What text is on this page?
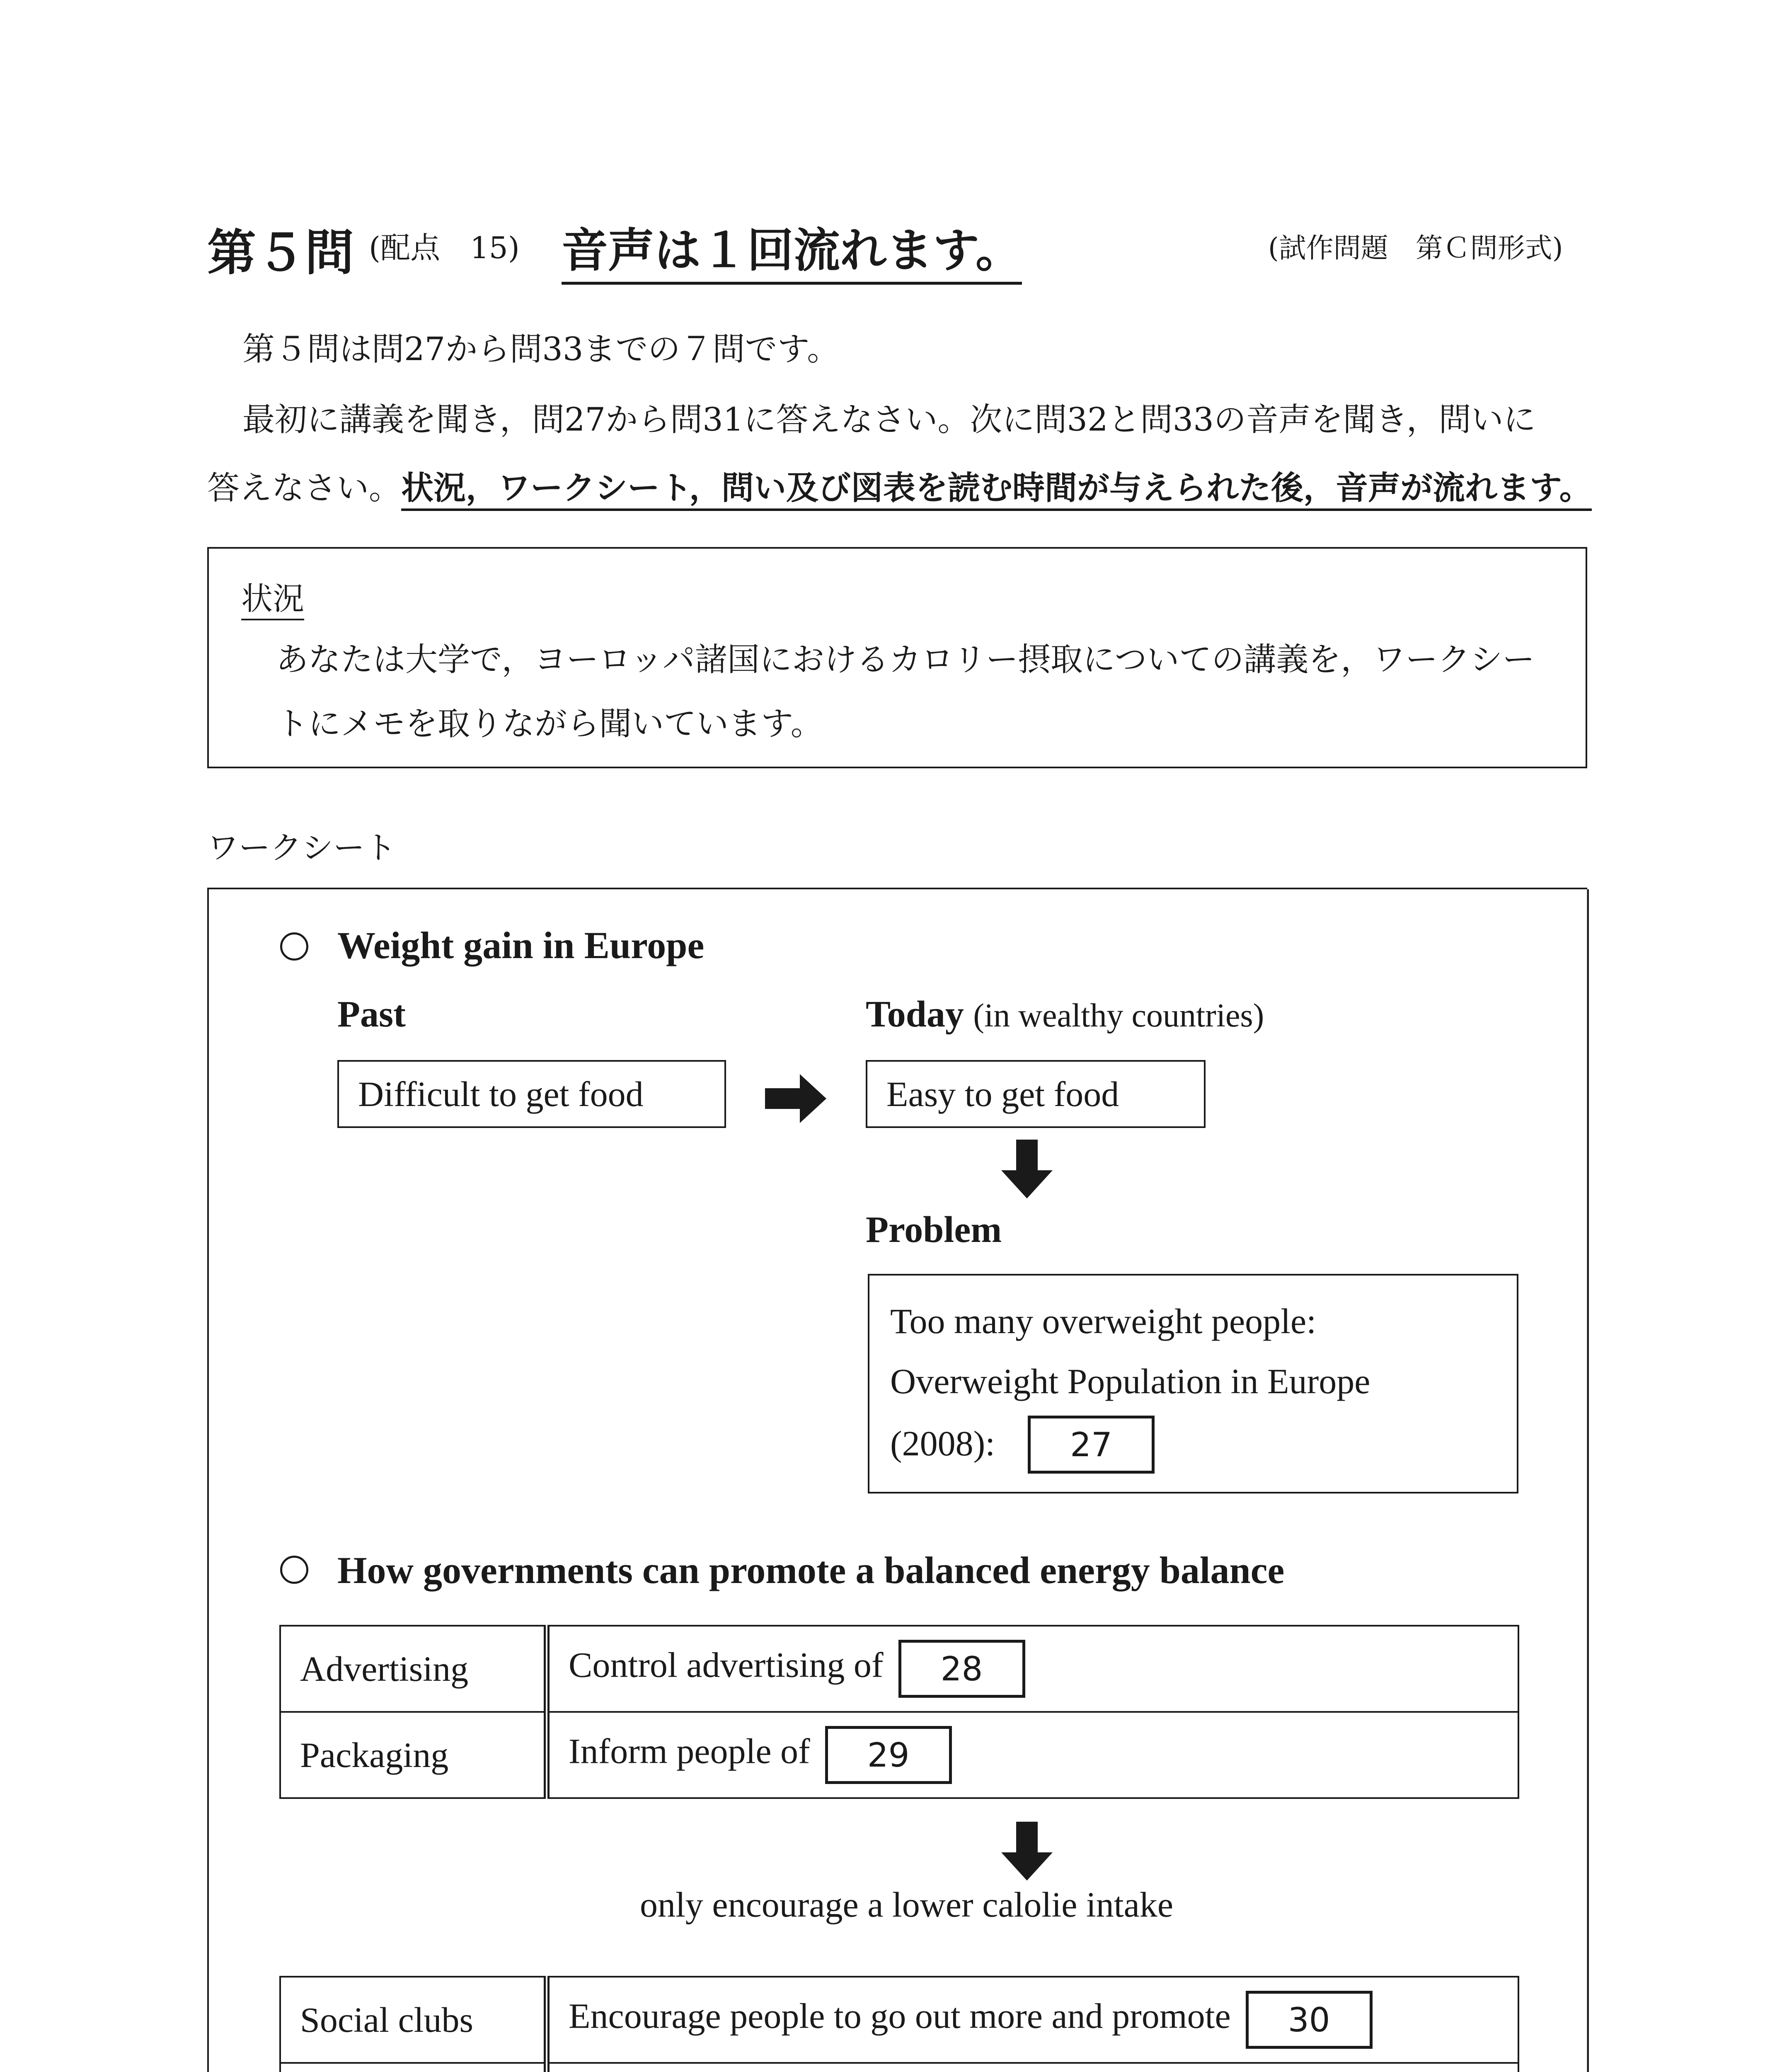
第５問 (配点　15) 音声は１回流れます。	(試作問題　第Ｃ問形式)
第５問は問27から問33までの７問です。
最初に講義を聞き，問27から問31に答えなさい。次に問32と問33の音声を聞き，問いに
答えなさい。状況，ワークシート，問い及び図表を読む時間が与えられた後，音声が流れます。
状況
あなたは大学で，ヨーロッパ諸国におけるカロリー摂取についての講義を，ワークシー
トにメモを取りながら聞いています。
ワークシート
Weight gain in Europe
Past	Today (in wealthy countries)
Difficult to get food	Easy to get food
Problem
Too many overweight people:
Overweight Population in Europe
(2008):	27
How governments can promote a balanced energy balance
Advertising	Control advertising of 28
Packaging	Inform people of 29
only encourage a lower calolie intake
Social clubs	Encourage people to go out more and promote 30
